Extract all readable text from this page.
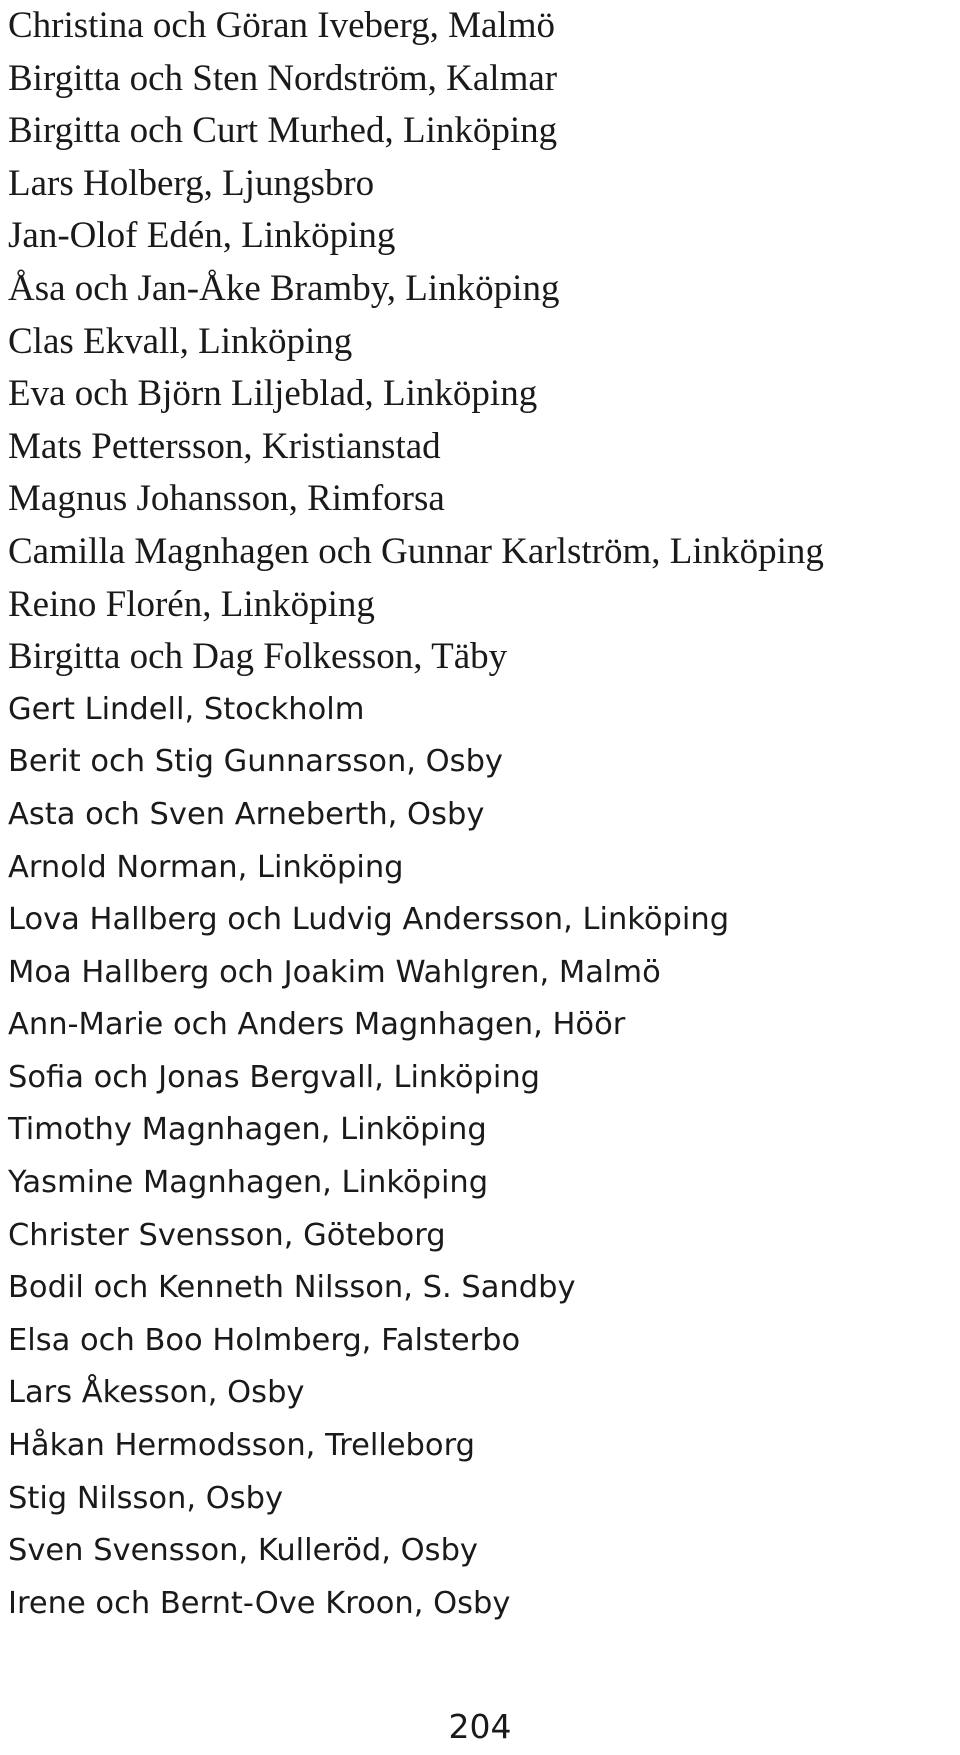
Christina och Göran Iveberg, Malmö
Birgitta och Sten Nordström, Kalmar
Birgitta och Curt Murhed, Linköping
Lars Holberg, Ljungsbro
Jan-Olof Edén, Linköping
Åsa och Jan-Åke Bramby, Linköping
Clas Ekvall, Linköping
Eva och Björn Liljeblad, Linköping
Mats Pettersson, Kristianstad
Magnus Johansson, Rimforsa
Camilla Magnhagen och Gunnar Karlström, Linköping
Reino Florén, Linköping
Birgitta och Dag Folkesson, Täby
Gert Lindell, Stockholm
Berit och Stig Gunnarsson, Osby
Asta och Sven Arneberth, Osby
Arnold Norman, Linköping
Lova Hallberg och Ludvig Andersson, Linköping
Moa Hallberg och Joakim Wahlgren, Malmö
Ann-Marie och Anders Magnhagen, Höör
Sofia och Jonas Bergvall, Linköping
Timothy Magnhagen, Linköping
Yasmine Magnhagen, Linköping
Christer Svensson, Göteborg
Bodil och Kenneth Nilsson, S. Sandby
Elsa och Boo Holmberg, Falsterbo
Lars Åkesson, Osby
Håkan Hermodsson, Trelleborg
Stig Nilsson, Osby
Sven Svensson, Kulleröd, Osby
Irene och Bernt-Ove Kroon, Osby
204
